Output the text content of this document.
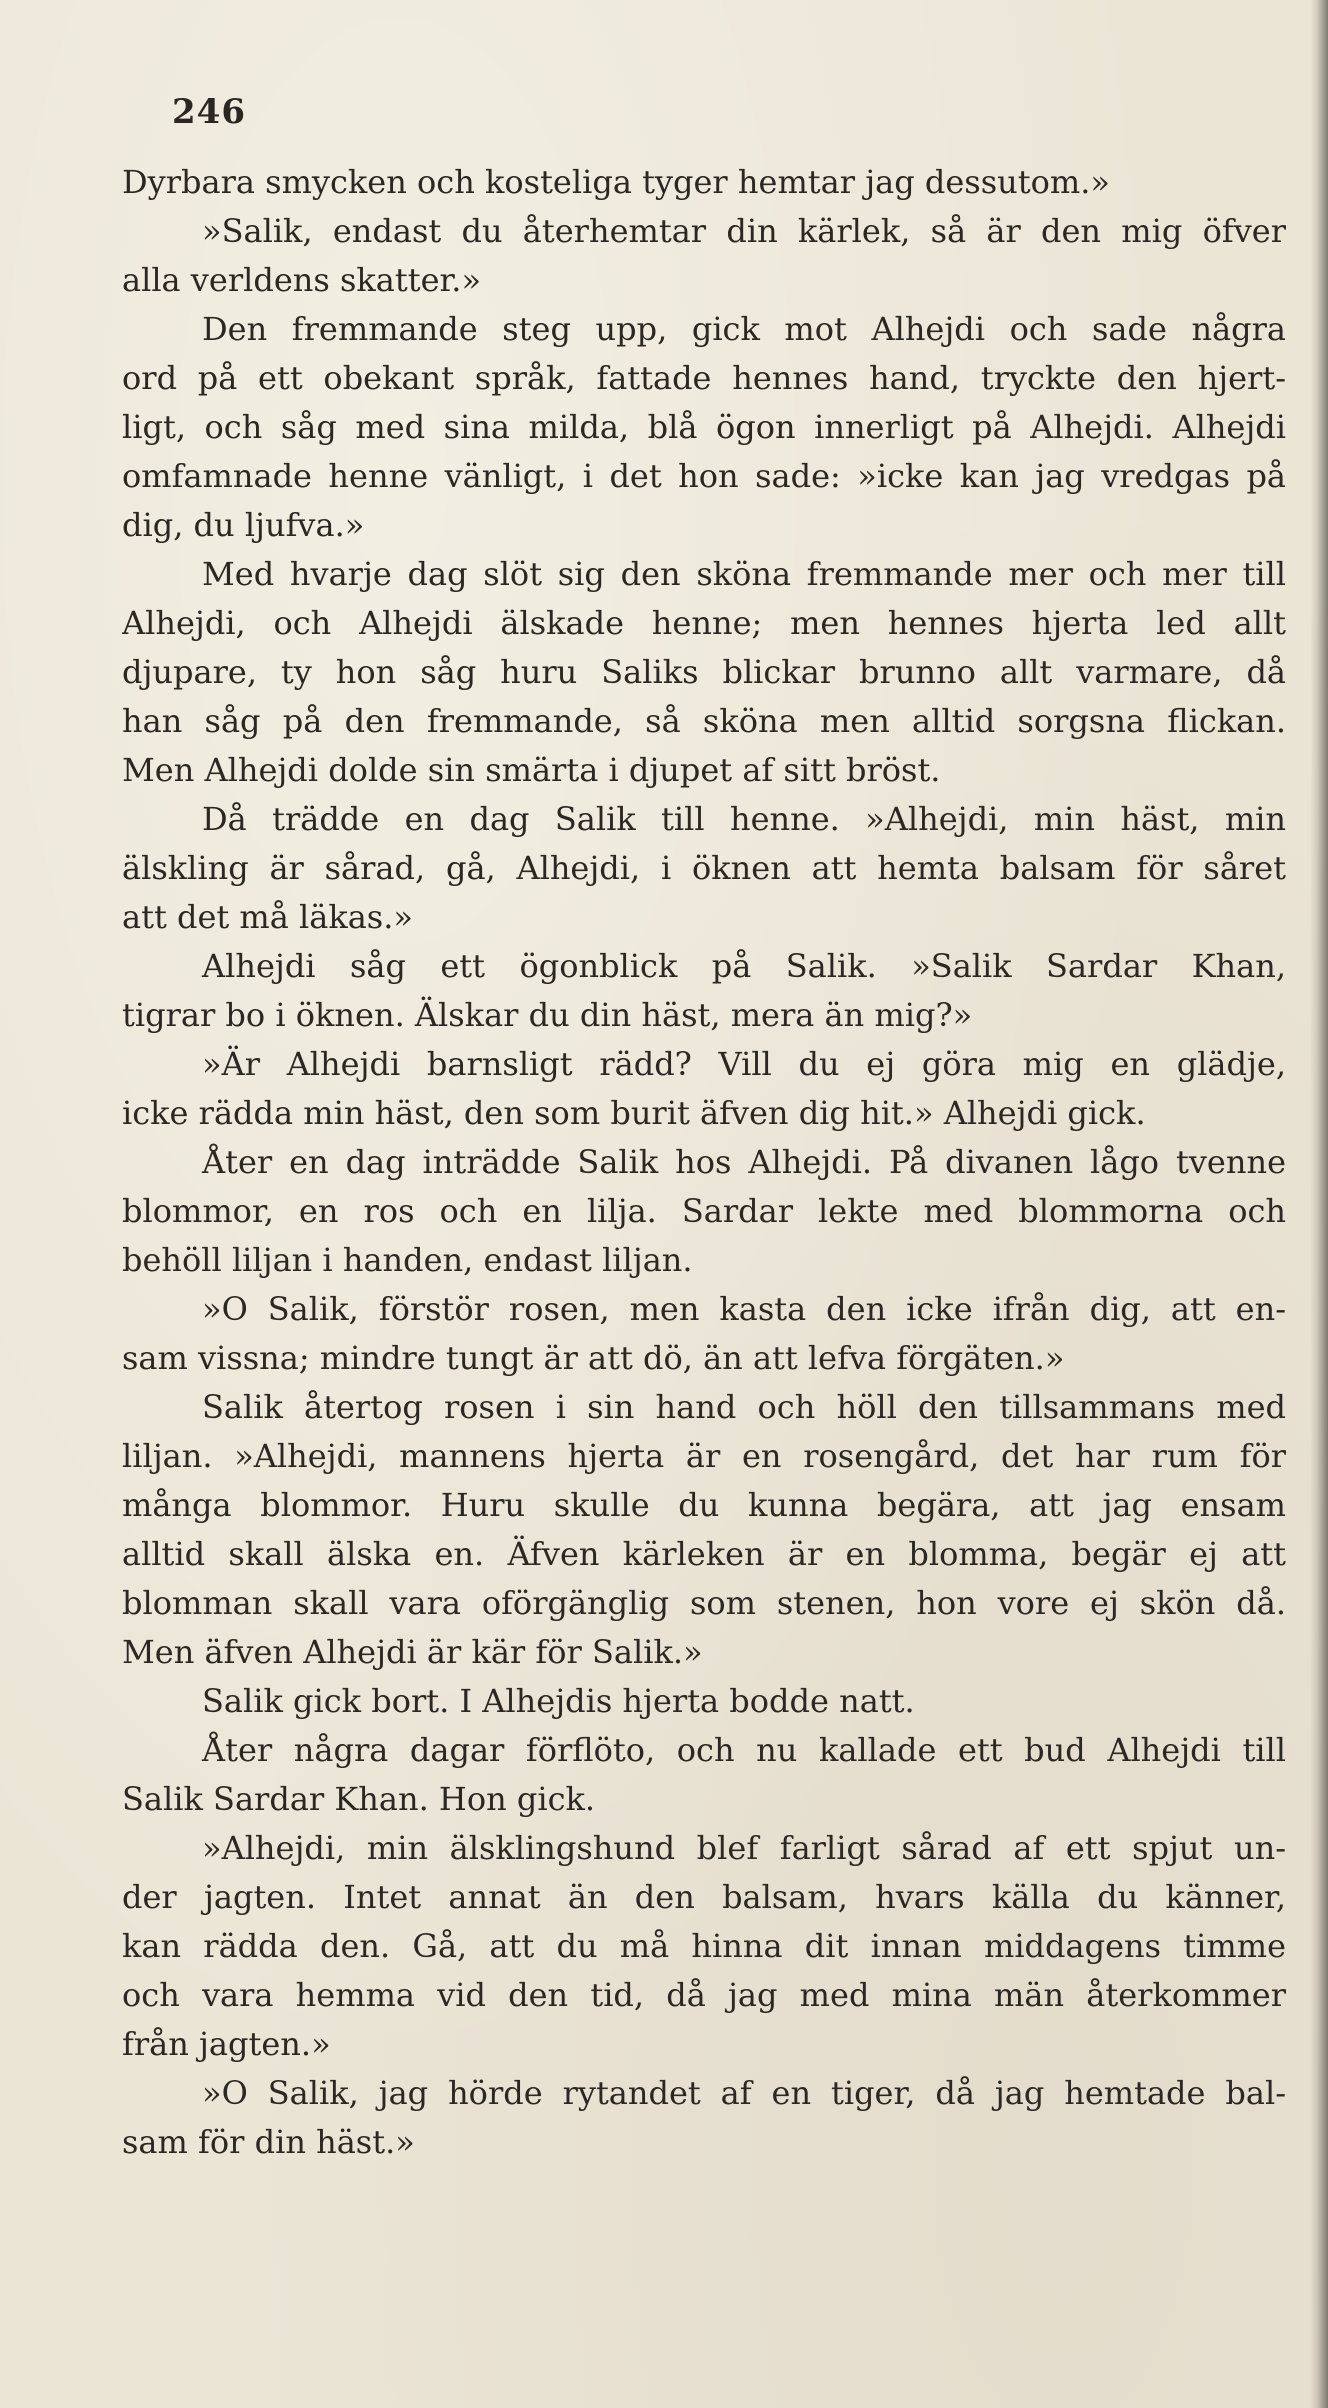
246
Dyrbara smycken och kosteliga tyger hemtar jag dessutom.»
»Salik, endast du återhemtar din kärlek, så är den mig öfver
alla verldens skatter.»
Den fremmande steg upp, gick mot Alhejdi och sade några
ord på ett obekant språk, fattade hennes hand, tryckte den hjert-
ligt, och såg med sina milda, blå ögon innerligt på Alhejdi. Alhejdi
omfamnade henne vänligt, i det hon sade: »icke kan jag vredgas på
dig, du ljufva.»
Med hvarje dag slöt sig den sköna fremmande mer och mer till
Alhejdi, och Alhejdi älskade henne; men hennes hjerta led allt
djupare, ty hon såg huru Saliks blickar brunno allt varmare, då
han såg på den fremmande, så sköna men alltid sorgsna flickan.
Men Alhejdi dolde sin smärta i djupet af sitt bröst.
Då trädde en dag Salik till henne. »Alhejdi, min häst, min
älskling är sårad, gå, Alhejdi, i öknen att hemta balsam för såret
att det må läkas.»
Alhejdi såg ett ögonblick på Salik. »Salik Sardar Khan,
tigrar bo i öknen. Älskar du din häst, mera än mig?»
»Är Alhejdi barnsligt rädd? Vill du ej göra mig en glädje,
icke rädda min häst, den som burit äfven dig hit.» Alhejdi gick.
Åter en dag inträdde Salik hos Alhejdi. På divanen lågo tvenne
blommor, en ros och en lilja. Sardar lekte med blommorna och
behöll liljan i handen, endast liljan.
»O Salik, förstör rosen, men kasta den icke ifrån dig, att en-
sam vissna; mindre tungt är att dö, än att lefva förgäten.»
Salik återtog rosen i sin hand och höll den tillsammans med
liljan. »Alhejdi, mannens hjerta är en rosengård, det har rum för
många blommor. Huru skulle du kunna begära, att jag ensam
alltid skall älska en. Äfven kärleken är en blomma, begär ej att
blomman skall vara oförgänglig som stenen, hon vore ej skön då.
Men äfven Alhejdi är kär för Salik.»
Salik gick bort. I Alhejdis hjerta bodde natt.
Åter några dagar förflöto, och nu kallade ett bud Alhejdi till
Salik Sardar Khan. Hon gick.
»Alhejdi, min älsklingshund blef farligt sårad af ett spjut un-
der jagten. Intet annat än den balsam, hvars källa du känner,
kan rädda den. Gå, att du må hinna dit innan middagens timme
och vara hemma vid den tid, då jag med mina män återkommer
från jagten.»
»O Salik, jag hörde rytandet af en tiger, då jag hemtade bal-
sam för din häst.»
